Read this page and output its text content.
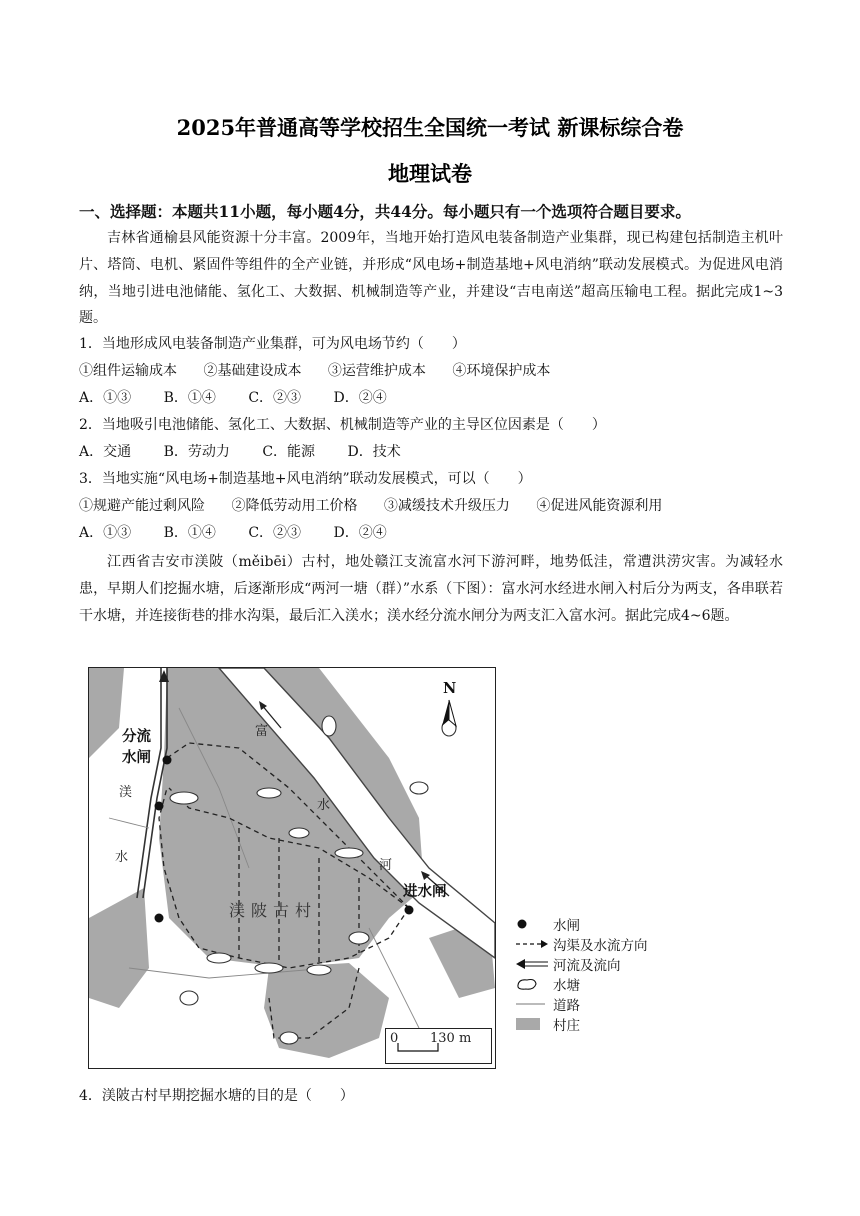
2025年普通高等学校招生全国统一考试 新课标综合卷
地理试卷
一、选择题：本题共11小题，每小题4分，共44分。每小题只有一个选项符合题目要求。
吉林省通榆县风能资源十分丰富。2009年，当地开始打造风电装备制造产业集群，现已构建包括制造主机叶片、塔筒、电机、紧固件等组件的全产业链，并形成“风电场+制造基地+风电消纳”联动发展模式。为促进风电消纳，当地引进电池储能、氢化工、大数据、机械制造等产业，并建设“吉电南送”超高压输电工程。据此完成1~3题。
1．当地形成风电装备制造产业集群，可为风电场节约（　　）
①组件运输成本 ②基础建设成本 ③运营维护成本 ④环境保护成本
A．①③ B．①④ C．②③ D．②④
2．当地吸引电池储能、氢化工、大数据、机械制造等产业的主导区位因素是（　　）
A．交通 B．劳动力 C．能源 D．技术
3．当地实施“风电场+制造基地+风电消纳”联动发展模式，可以（　　）
①规避产能过剩风险 ②降低劳动用工价格 ③减缓技术升级压力 ④促进风能资源利用
A．①③ B．①④ C．②③ D．②④
江西省吉安市渼陂（měibēi）古村，地处赣江支流富水河下游河畔，地势低洼，常遭洪涝灾害。为减轻水患，早期人们挖掘水塘，后逐渐形成“两河一塘（群）”水系（下图）：富水河水经进水闸入村后分为两支，各串联若干水塘，并连接街巷的排水沟渠，最后汇入渼水；渼水经分流水闸分为两支汇入富水河。据此完成4~6题。
N
分流
水闸
渼
水
富
水
河
进水闸
渼陂古村
0 130 m
水闸
沟渠及水流方向
河流及流向
水塘
道路
村庄
4．渼陂古村早期挖掘水塘的目的是（　　）
